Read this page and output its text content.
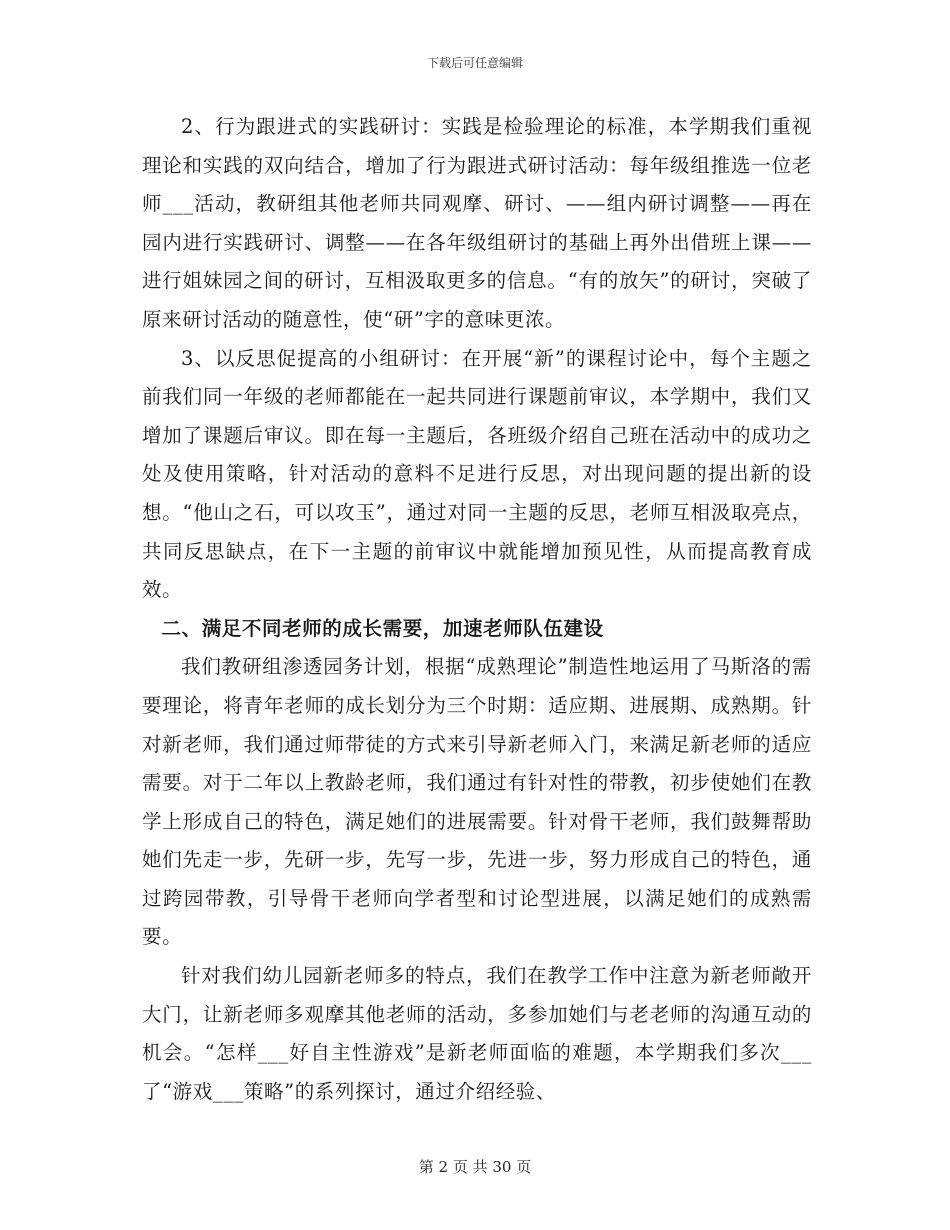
下载后可任意编辑

2、行为跟进式的实践研讨：实践是检验理论的标准，本学期我们重视理论和实践的双向结合，增加了行为跟进式研讨活动：每年级组推选一位老师___活动，教研组其他老师共同观摩、研讨、——组内研讨调整——再在园内进行实践研讨、调整——在各年级组研讨的基础上再外出借班上课——进行姐妹园之间的研讨，互相汲取更多的信息。“有的放矢”的研讨，突破了原来研讨活动的随意性，使“研”字的意味更浓。

3、以反思促提高的小组研讨：在开展“新”的课程讨论中，每个主题之前我们同一年级的老师都能在一起共同进行课题前审议，本学期中，我们又增加了课题后审议。即在每一主题后，各班级介绍自己班在活动中的成功之处及使用策略，针对活动的意料不足进行反思，对出现问题的提出新的设想。“他山之石，可以攻玉”，通过对同一主题的反思，老师互相汲取亮点，共同反思缺点，在下一主题的前审议中就能增加预见性，从而提高教育成效。

二、满足不同老师的成长需要，加速老师队伍建设

我们教研组渗透园务计划，根据“成熟理论”制造性地运用了马斯洛的需要理论，将青年老师的成长划分为三个时期：适应期、进展期、成熟期。针对新老师，我们通过师带徒的方式来引导新老师入门，来满足新老师的适应需要。对于二年以上教龄老师，我们通过有针对性的带教，初步使她们在教学上形成自己的特色，满足她们的进展需要。针对骨干老师，我们鼓舞帮助她们先走一步，先研一步，先写一步，先进一步，努力形成自己的特色，通过跨园带教，引导骨干老师向学者型和讨论型进展，以满足她们的成熟需要。

针对我们幼儿园新老师多的特点，我们在教学工作中注意为新老师敞开大门，让新老师多观摩其他老师的活动，多参加她们与老老师的沟通互动的机会。“怎样___好自主性游戏”是新老师面临的难题，本学期我们多次___了“游戏___策略”的系列探讨，通过介绍经验、

第 2 页 共 30 页
